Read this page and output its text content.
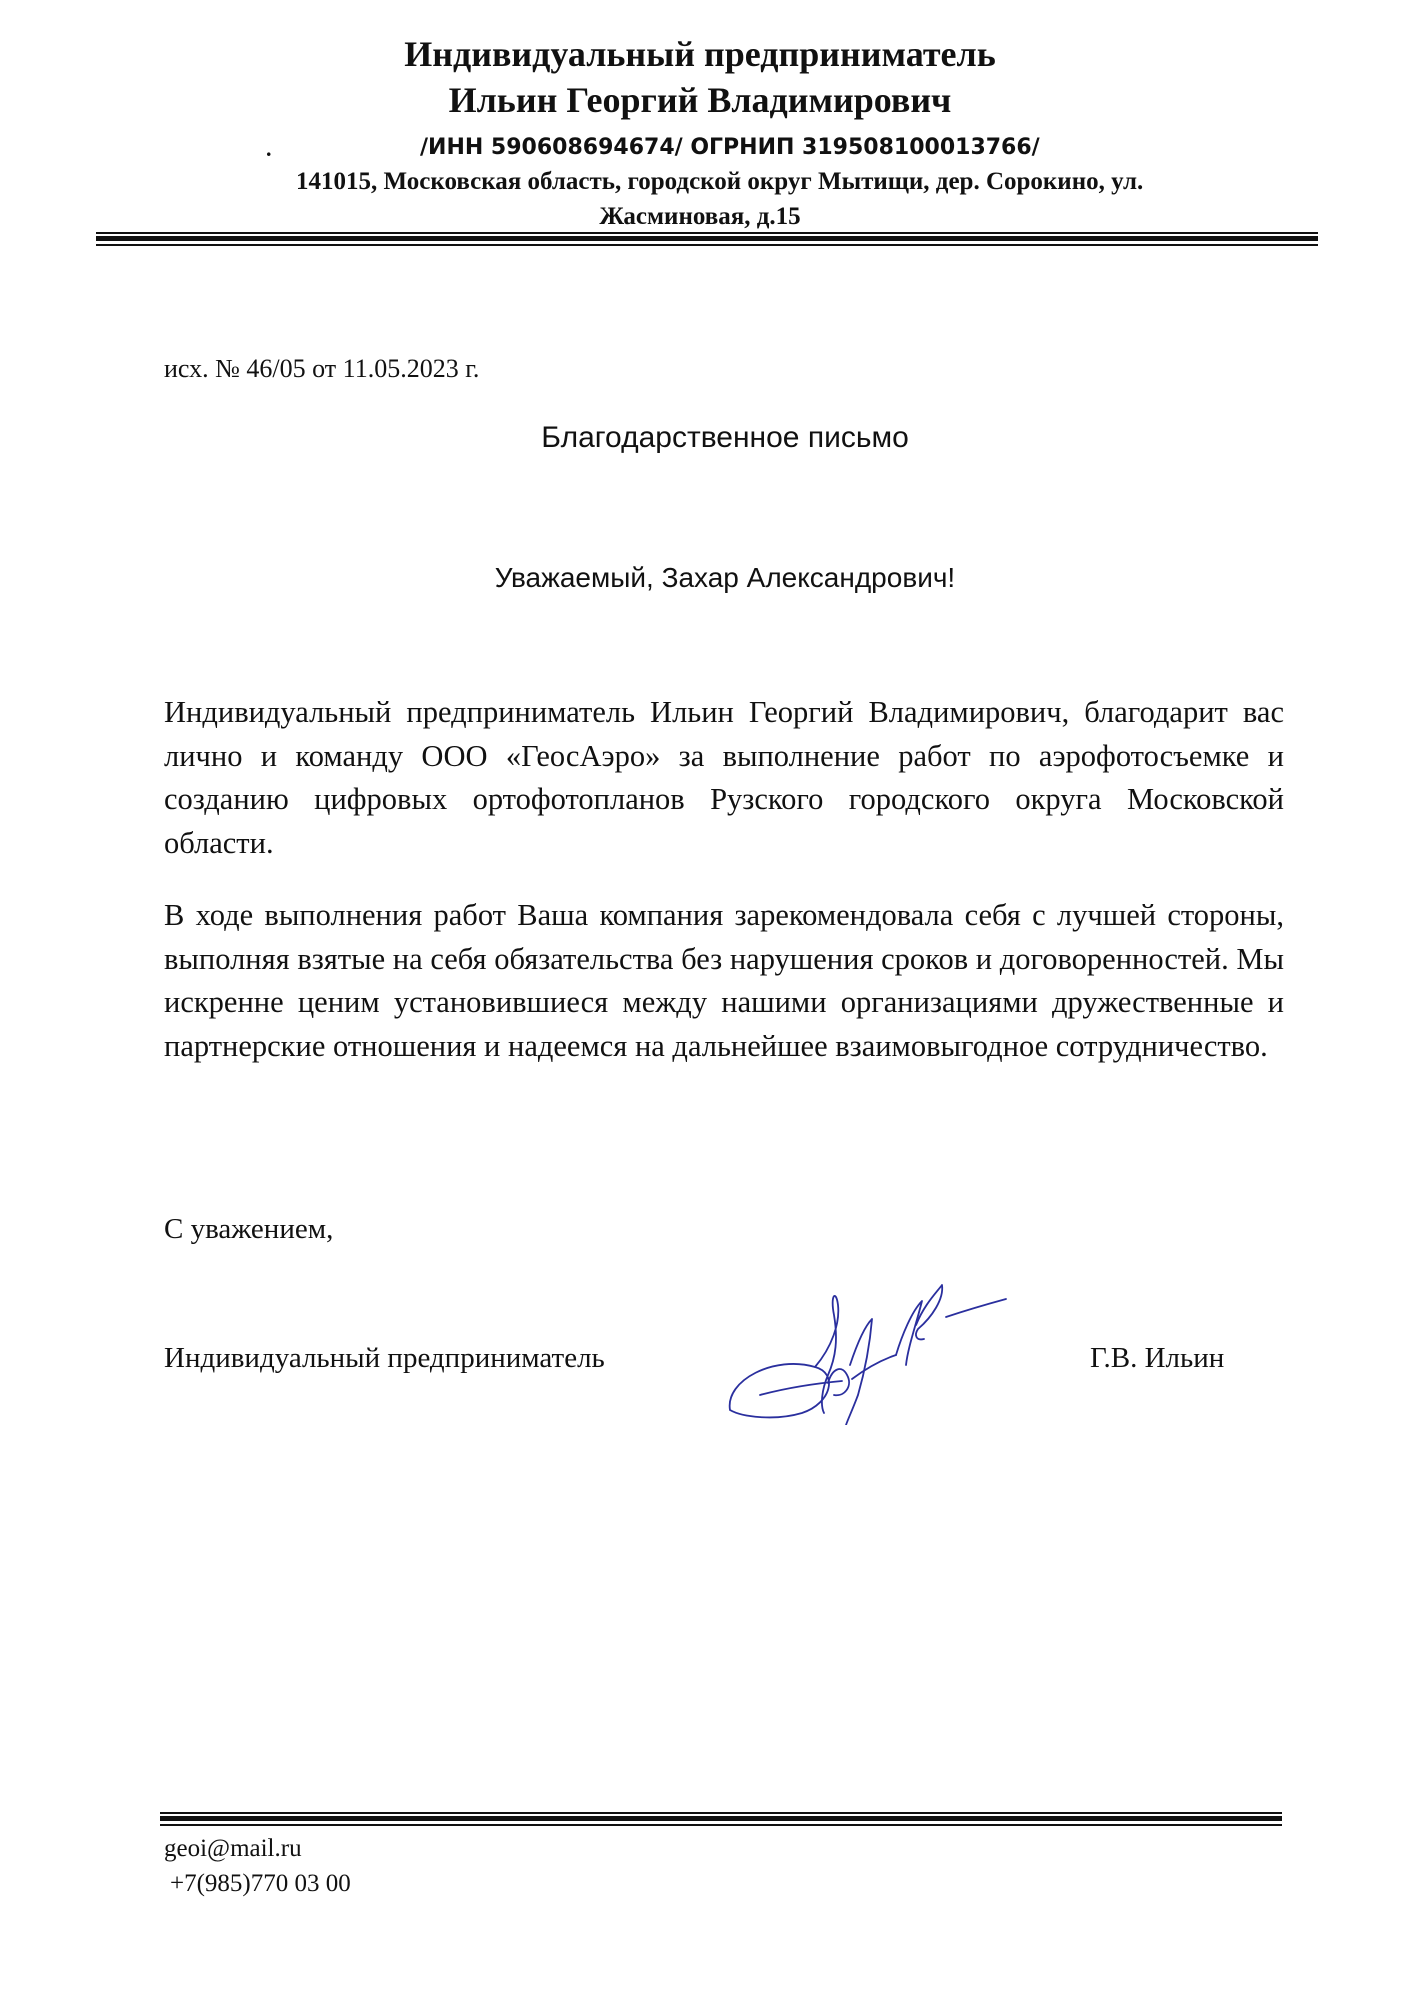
Индивидуальный предприниматель
Ильин Георгий Владимирович
.	/ИНН 590608694674/ ОГРНИП 319508100013766/
141015, Московская область, городской округ Мытищи, дер. Сорокино, ул.
Жасминовая, д.15
исх. № 46/05 от 11.05.2023 г.
Благодарственное письмо
Уважаемый, Захар Александрович!
Индивидуальный предприниматель Ильин Георгий Владимирович, благодарит вас лично и команду ООО «ГеосАэро» за выполнение работ по аэрофотосъемке и созданию цифровых ортофотопланов Рузского городского округа Московской области.
В ходе выполнения работ Ваша компания зарекомендовала себя с лучшей стороны, выполняя взятые на себя обязательства без нарушения сроков и договоренностей. Мы искренне ценим установившиеся между нашими организациями дружественные и партнерские отношения и надеемся на дальнейшее взаимовыгодное сотрудничество.
С уважением,
Индивидуальный предприниматель	Г.В. Ильин
geoi@mail.ru
+7(985)770 03 00
